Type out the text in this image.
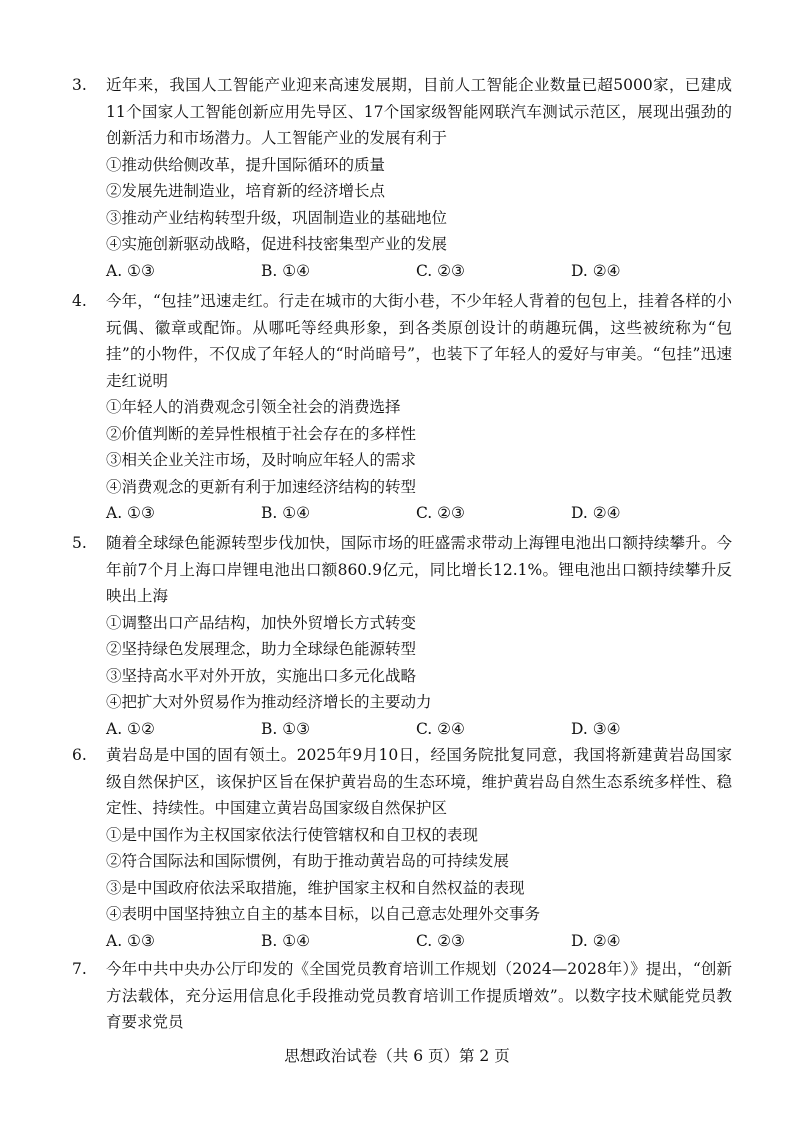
3.	近年来，我国人工智能产业迎来高速发展期，目前人工智能企业数量已超5000家，已建成11个国家人工智能创新应用先导区、17个国家级智能网联汽车测试示范区，展现出强劲的创新活力和市场潜力。人工智能产业的发展有利于

①推动供给侧改革，提升国际循环的质量

②发展先进制造业，培育新的经济增长点

③推动产业结构转型升级，巩固制造业的基础地位

④实施创新驱动战略，促进科技密集型产业的发展

A. ①③	B. ①④	C. ②③	D. ②④
4.	今年，“包挂”迅速走红。行走在城市的大街小巷，不少年轻人背着的包包上，挂着各样的小玩偶、徽章或配饰。从哪吒等经典形象，到各类原创设计的萌趣玩偶，这些被统称为“包挂”的小物件，不仅成了年轻人的“时尚暗号”，也装下了年轻人的爱好与审美。“包挂”迅速走红说明

①年轻人的消费观念引领全社会的消费选择

②价值判断的差异性根植于社会存在的多样性

③相关企业关注市场，及时响应年轻人的需求

④消费观念的更新有利于加速经济结构的转型

A. ①③	B. ①④	C. ②③	D. ②④
5.	随着全球绿色能源转型步伐加快，国际市场的旺盛需求带动上海锂电池出口额持续攀升。今年前7个月上海口岸锂电池出口额860.9亿元，同比增长12.1%。锂电池出口额持续攀升反映出上海

①调整出口产品结构，加快外贸增长方式转变

②坚持绿色发展理念，助力全球绿色能源转型

③坚持高水平对外开放，实施出口多元化战略

④把扩大对外贸易作为推动经济增长的主要动力

A. ①②	B. ①③	C. ②④	D. ③④
6.	黄岩岛是中国的固有领土。2025年9月10日，经国务院批复同意，我国将新建黄岩岛国家级自然保护区，该保护区旨在保护黄岩岛的生态环境，维护黄岩岛自然生态系统多样性、稳定性、持续性。中国建立黄岩岛国家级自然保护区

①是中国作为主权国家依法行使管辖权和自卫权的表现

②符合国际法和国际惯例，有助于推动黄岩岛的可持续发展

③是中国政府依法采取措施，维护国家主权和自然权益的表现

④表明中国坚持独立自主的基本目标，以自己意志处理外交事务

A. ①③	B. ①④	C. ②③	D. ②④
7.	今年中共中央办公厅印发的《全国党员教育培训工作规划（2024—2028年）》提出，“创新方法载体，充分运用信息化手段推动党员教育培训工作提质增效”。以数字技术赋能党员教育要求党员

思想政治试卷（共 6 页）第 2 页
